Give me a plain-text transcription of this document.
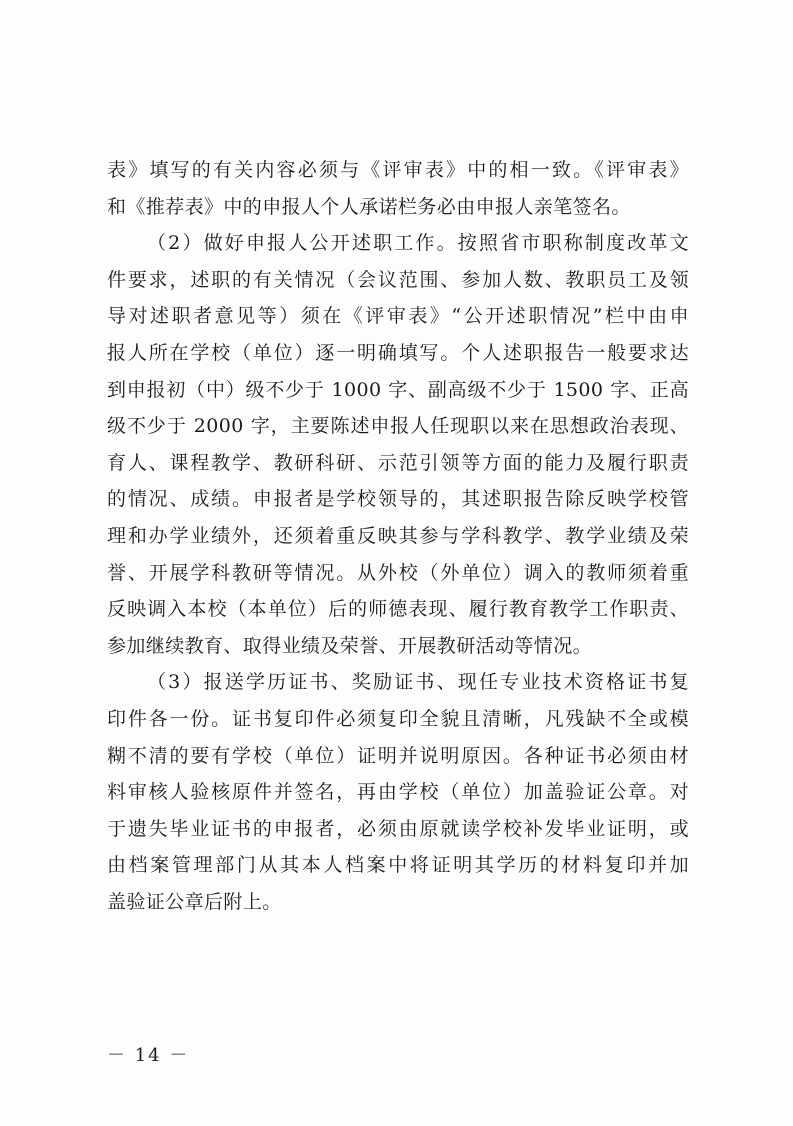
表》填写的有关内容必须与《评审表》中的相一致。《评审表》
和《推荐表》中的申报人个人承诺栏务必由申报人亲笔签名。
（2）做好申报人公开述职工作。按照省市职称制度改革文
件要求，述职的有关情况（会议范围、参加人数、教职员工及领
导对述职者意见等）须在《评审表》“公开述职情况”栏中由申
报人所在学校（单位）逐一明确填写。个人述职报告一般要求达
到申报初（中）级不少于 1000 字、副高级不少于 1500 字、正高
级不少于 2000 字，主要陈述申报人任现职以来在思想政治表现、
育人、课程教学、教研科研、示范引领等方面的能力及履行职责
的情况、成绩。申报者是学校领导的，其述职报告除反映学校管
理和办学业绩外，还须着重反映其参与学科教学、教学业绩及荣
誉、开展学科教研等情况。从外校（外单位）调入的教师须着重
反映调入本校（本单位）后的师德表现、履行教育教学工作职责、
参加继续教育、取得业绩及荣誉、开展教研活动等情况。
（3）报送学历证书、奖励证书、现任专业技术资格证书复
印件各一份。证书复印件必须复印全貌且清晰，凡残缺不全或模
糊不清的要有学校（单位）证明并说明原因。各种证书必须由材
料审核人验核原件并签名，再由学校（单位）加盖验证公章。对
于遗失毕业证书的申报者，必须由原就读学校补发毕业证明，或
由档案管理部门从其本人档案中将证明其学历的材料复印并加
盖验证公章后附上。
－ 14 －
